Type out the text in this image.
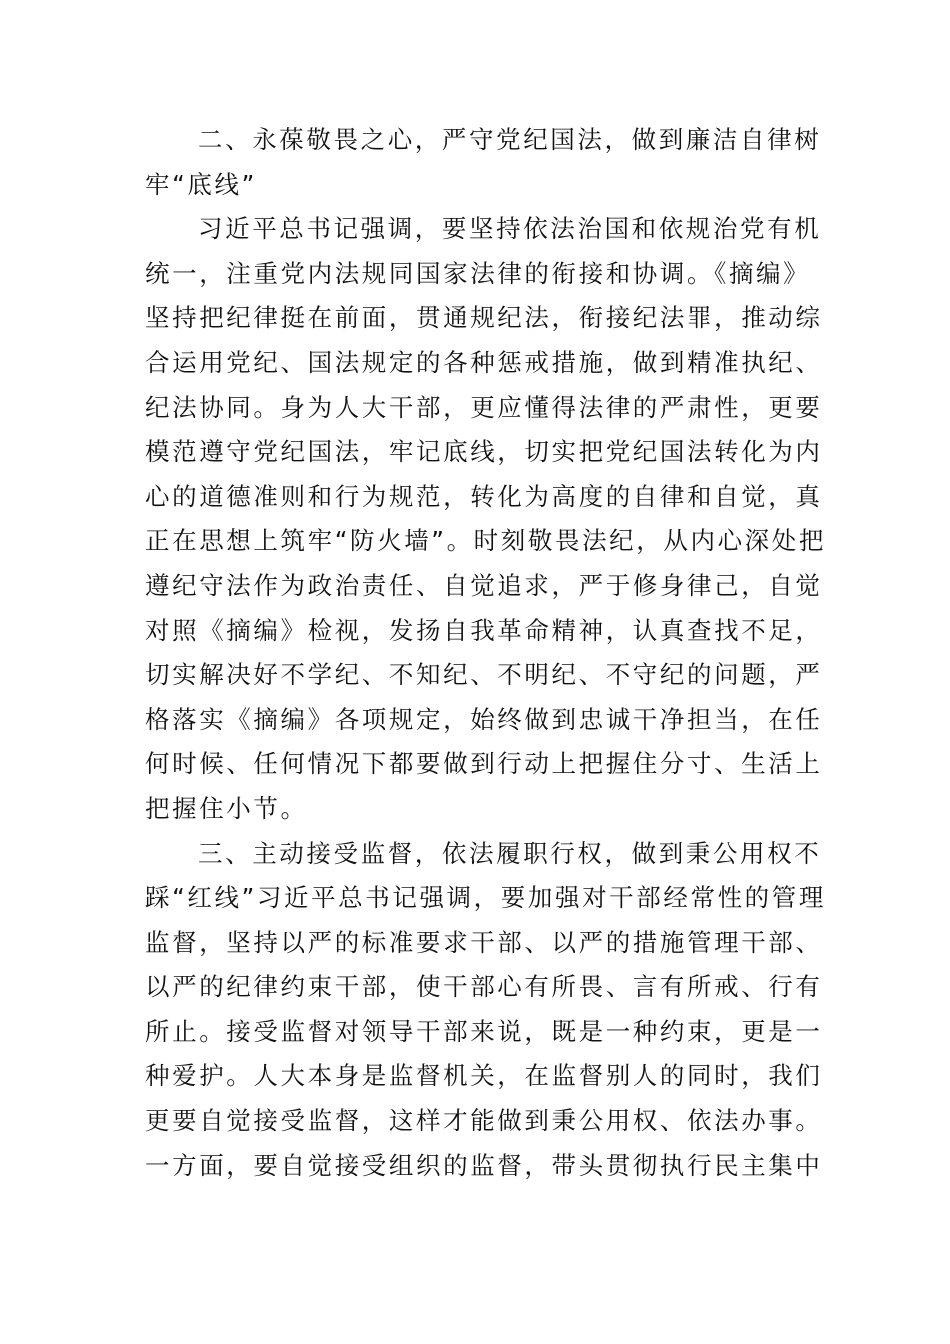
二、永葆敬畏之心，严守党纪国法，做到廉洁自律树
牢“底线”
习近平总书记强调，要坚持依法治国和依规治党有机
统一，注重党内法规同国家法律的衔接和协调。《摘编》
坚持把纪律挺在前面，贯通规纪法，衔接纪法罪，推动综
合运用党纪、国法规定的各种惩戒措施，做到精准执纪、
纪法协同。身为人大干部，更应懂得法律的严肃性，更要
模范遵守党纪国法，牢记底线，切实把党纪国法转化为内
心的道德准则和行为规范，转化为高度的自律和自觉，真
正在思想上筑牢“防火墙”。时刻敬畏法纪，从内心深处把
遵纪守法作为政治责任、自觉追求，严于修身律己，自觉
对照《摘编》检视，发扬自我革命精神，认真查找不足，
切实解决好不学纪、不知纪、不明纪、不守纪的问题，严
格落实《摘编》各项规定，始终做到忠诚干净担当，在任
何时候、任何情况下都要做到行动上把握住分寸、生活上
把握住小节。
三、主动接受监督，依法履职行权，做到秉公用权不
踩“红线”习近平总书记强调，要加强对干部经常性的管理
监督，坚持以严的标准要求干部、以严的措施管理干部、
以严的纪律约束干部，使干部心有所畏、言有所戒、行有
所止。接受监督对领导干部来说，既是一种约束，更是一
种爱护。人大本身是监督机关，在监督别人的同时，我们
更要自觉接受监督，这样才能做到秉公用权、依法办事。
一方面，要自觉接受组织的监督，带头贯彻执行民主集中
